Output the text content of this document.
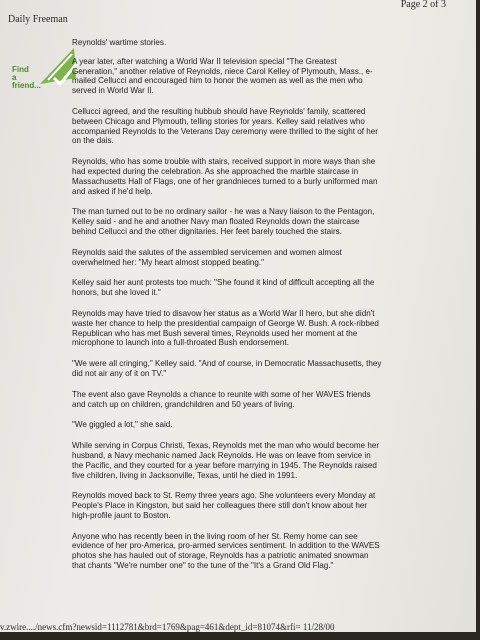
Page 2 of 3
Daily Freeman
Find
a
friend...

Reynolds' wartime stories.

A year later, after watching a World War II television special "The Greatest Generation," another relative of Reynolds, niece Carol Kelley of Plymouth, Mass., e-mailed Cellucci and encouraged him to honor the women as well as the men who served in World War II.

Cellucci agreed, and the resulting hubbub should have Reynolds' family, scattered between Chicago and Plymouth, telling stories for years. Kelley said relatives who accompanied Reynolds to the Veterans Day ceremony were thrilled to the sight of her on the dais.

Reynolds, who has some trouble with stairs, received support in more ways than she had expected during the celebration. As she approached the marble staircase in Massachusetts Hall of Flags, one of her grandnieces turned to a burly uniformed man and asked if he'd help.

The man turned out to be no ordinary sailor - he was a Navy liaison to the Pentagon, Kelley said - and he and another Navy man floated Reynolds down the staircase behind Cellucci and the other dignitaries. Her feet barely touched the stairs.

Reynolds said the salutes of the assembled servicemen and women almost overwhelmed her: "My heart almost stopped beating."

Kelley said her aunt protests too much: "She found it kind of difficult accepting all the honors, but she loved it."

Reynolds may have tried to disavow her status as a World War II hero, but she didn't waste her chance to help the presidential campaign of George W. Bush. A rock-ribbed Republican who has met Bush several times, Reynolds used her moment at the microphone to launch into a full-throated Bush endorsement.

"We were all cringing," Kelley said. "And of course, in Democratic Massachusetts, they did not air any of it on TV."

The event also gave Reynolds a chance to reunite with some of her WAVES friends and catch up on children, grandchildren and 50 years of living.

"We giggled a lot," she said.

While serving in Corpus Christi, Texas, Reynolds met the man who would become her husband, a Navy mechanic named Jack Reynolds. He was on leave from service in the Pacific, and they courted for a year before marrying in 1945. The Reynolds raised five children, living in Jacksonville, Texas, until he died in 1991.

Reynolds moved back to St. Remy three years ago. She volunteers every Monday at People's Place in Kingston, but said her colleagues there still don't know about her high-profile jaunt to Boston.

Anyone who has recently been in the living room of her St. Remy home can see evidence of her pro-America, pro-armed services sentiment. In addition to the WAVES photos she has hauled out of storage, Reynolds has a patriotic animated snowman that chants "We're number one" to the tune of the "It's a Grand Old Flag."

v.zwire..../news.cfm?newsid=1112781&brd=1769&pag=461&dept_id=81074&rfi= 11/28/00
